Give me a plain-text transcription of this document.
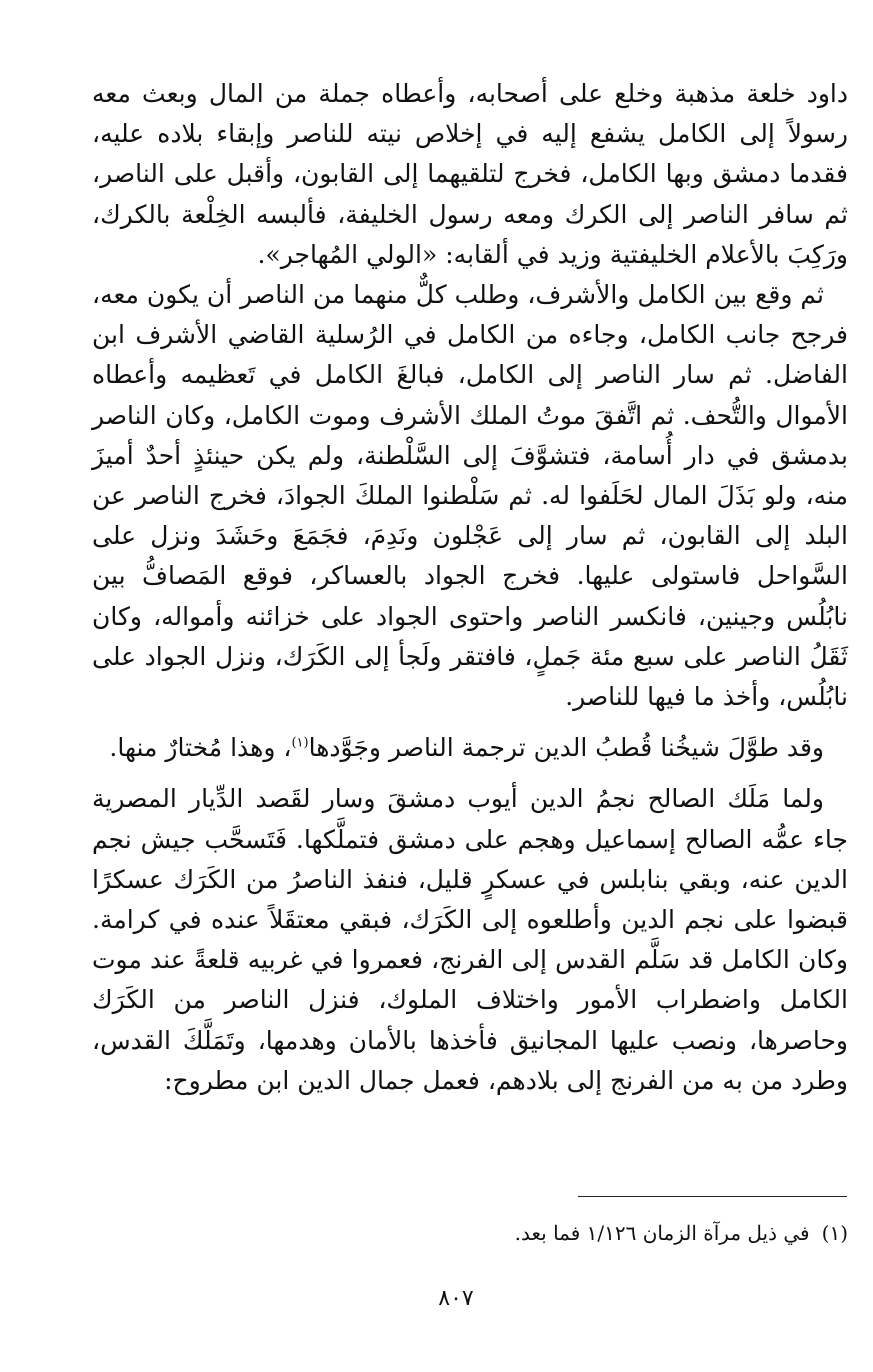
داود خلعة مذهبة وخلع على أصحابه، وأعطاه جملة من المال وبعث معه رسولاً إلى الكامل يشفع إليه في إخلاص نيته للناصر وإبقاء بلاده عليه، فقدما دمشق وبها الكامل، فخرج لتلقيهما إلى القابون، وأقبل على الناصر، ثم سافر الناصر إلى الكرك ومعه رسول الخليفة، فألبسه الخِلْعة بالكرك، ورَكِبَ بالأعلام الخليفتية وزيد في ألقابه: «الولي المُهاجر».

ثم وقع بين الكامل والأشرف، وطلب كلٌّ منهما من الناصر أن يكون معه، فرجح جانب الكامل، وجاءه من الكامل في الرُسلية القاضي الأشرف ابن الفاضل. ثم سار الناصر إلى الكامل، فبالغَ الكامل في تَعظيمه وأعطاه الأموال والتُّحف. ثم اتَّفقَ موتُ الملك الأشرف وموت الكامل، وكان الناصر بدمشق في دار أُسامة، فتشوَّفَ إلى السَّلْطنة، ولم يكن حينئذٍ أحدٌ أميزَ منه، ولو بَذَلَ المال لحَلَفوا له. ثم سَلْطنوا الملكَ الجوادَ، فخرج الناصر عن البلد إلى القابون، ثم سار إلى عَجْلون ونَدِمَ، فجَمَعَ وحَشَدَ ونزل على السَّواحل فاستولى عليها. فخرج الجواد بالعساكر، فوقع المَصافُّ بين نابُلُس وجينين، فانكسر الناصر واحتوى الجواد على خزائنه وأمواله، وكان ثَقَلُ الناصر على سبع مئة جَملٍ، فافتقر ولَجأ إلى الكَرَك، ونزل الجواد على نابُلُس، وأخذ ما فيها للناصر.

وقد طوَّلَ شيخُنا قُطبُ الدين ترجمة الناصر وجَوَّدها$^{(١)}$، وهذا مُختارٌ منها.

ولما مَلَك الصالح نجمُ الدين أيوب دمشقَ وسار لقَصد الدِّيار المصرية جاء عمُّه الصالح إسماعيل وهجم على دمشق فتملَّكها. فَتَسحَّب جيش نجم الدين عنه، وبقي بنابلس في عسكرٍ قليل، فنفذ الناصرُ من الكَرَك عسكرًا قبضوا على نجم الدين وأطلعوه إلى الكَرَك، فبقي معتقَلاً عنده في كرامة. وكان الكامل قد سَلَّم القدس إلى الفرنج، فعمروا في غربيه قلعةً عند موت الكامل واضطراب الأمور واختلاف الملوك، فنزل الناصر من الكَرَك وحاصرها، ونصب عليها المجانيق فأخذها بالأمان وهدمها، وتَمَلَّكَ القدس، وطرد من به من الفرنج إلى بلادهم، فعمل جمال الدين ابن مطروح:

(١)في ذيل مرآة الزمان ١/١٢٦ فما بعد.

٨٠٧
